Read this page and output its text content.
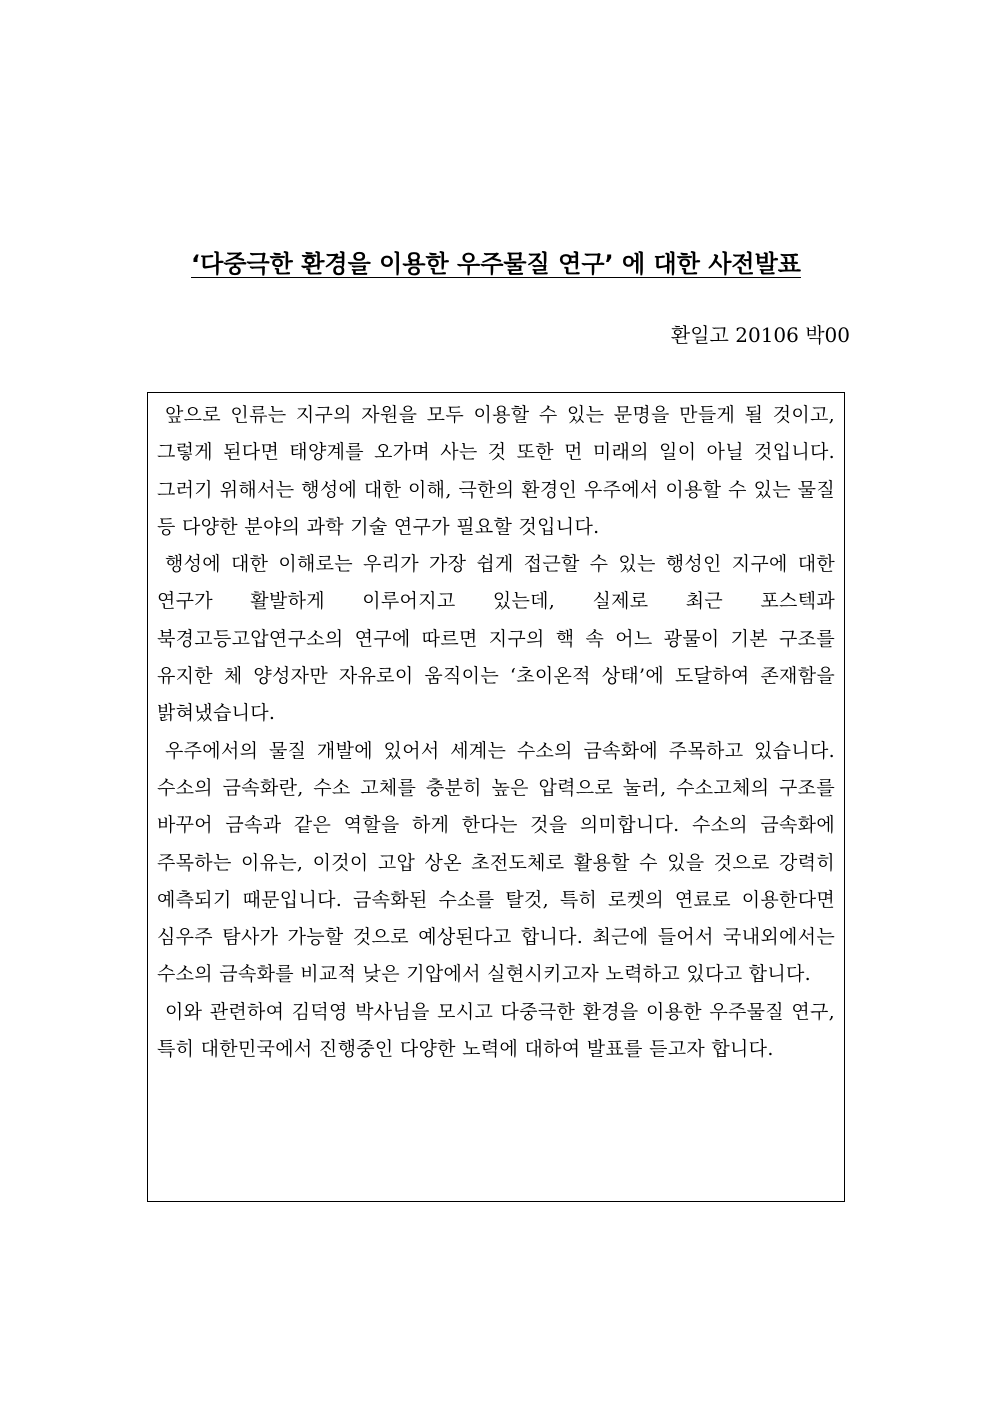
‘다중극한 환경을 이용한 우주물질 연구’ 에 대한 사전발표
환일고 20106 박00

앞으로 인류는 지구의 자원을 모두 이용할 수 있는 문명을 만들게 될 것이고, 그렇게 된다면 태양계를 오가며 사는 것 또한 먼 미래의 일이 아닐 것입니다. 그러기 위해서는 행성에 대한 이해, 극한의 환경인 우주에서 이용할 수 있는 물질 등 다양한 분야의 과학 기술 연구가 필요할 것입니다.

행성에 대한 이해로는 우리가 가장 쉽게 접근할 수 있는 행성인 지구에 대한 연구가 활발하게 이루어지고 있는데, 실제로 최근 포스텍과 북경고등고압연구소의 연구에 따르면 지구의 핵 속 어느 광물이 기본 구조를 유지한 체 양성자만 자유로이 움직이는 ‘초이온적 상태’에 도달하여 존재함을 밝혀냈습니다.

우주에서의 물질 개발에 있어서 세계는 수소의 금속화에 주목하고 있습니다. 수소의 금속화란, 수소 고체를 충분히 높은 압력으로 눌러, 수소고체의 구조를 바꾸어 금속과 같은 역할을 하게 한다는 것을 의미합니다. 수소의 금속화에 주목하는 이유는, 이것이 고압 상온 초전도체로 활용할 수 있을 것으로 강력히 예측되기 때문입니다. 금속화된 수소를 탈것, 특히 로켓의 연료로 이용한다면 심우주 탐사가 가능할 것으로 예상된다고 합니다. 최근에 들어서 국내외에서는 수소의 금속화를 비교적 낮은 기압에서 실현시키고자 노력하고 있다고 합니다.

이와 관련하여 김덕영 박사님을 모시고 다중극한 환경을 이용한 우주물질 연구, 특히 대한민국에서 진행중인 다양한 노력에 대하여 발표를 듣고자 합니다.
